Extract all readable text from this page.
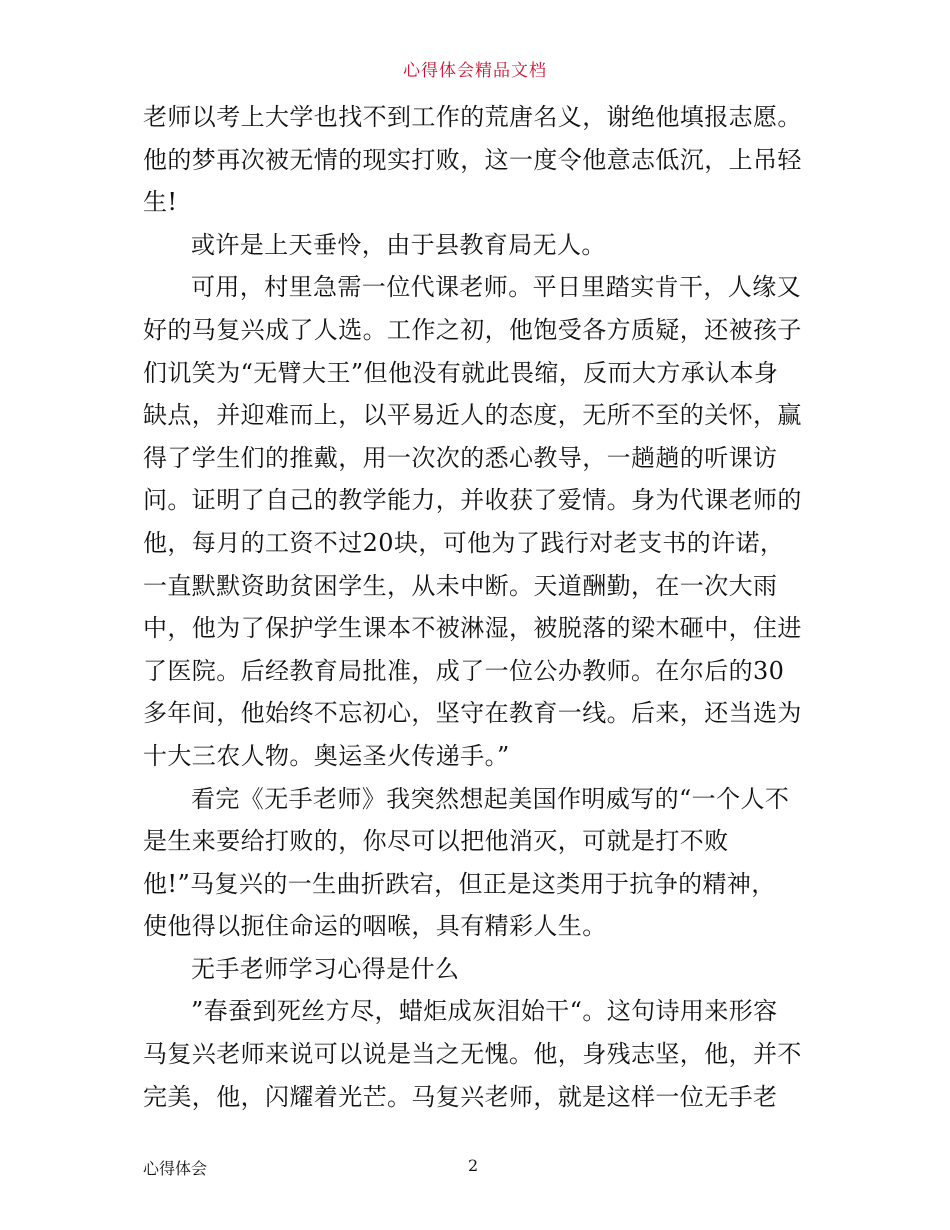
心得体会精品文档
老师以考上大学也找不到工作的荒唐名义，谢绝他填报志愿。
他的梦再次被无情的现实打败，这一度令他意志低沉，上吊轻
生!
或许是上天垂怜，由于县教育局无人。
可用，村里急需一位代课老师。平日里踏实肯干，人缘又
好的马复兴成了人选。工作之初，他饱受各方质疑，还被孩子
们讥笑为“无臂大王”但他没有就此畏缩，反而大方承认本身
缺点，并迎难而上，以平易近人的态度，无所不至的关怀，赢
得了学生们的推戴，用一次次的悉心教导，一趟趟的听课访
问。证明了自己的教学能力，并收获了爱情。身为代课老师的
他，每月的工资不过20块，可他为了践行对老支书的许诺，
一直默默资助贫困学生，从未中断。天道酬勤，在一次大雨
中，他为了保护学生课本不被淋湿，被脱落的梁木砸中，住进
了医院。后经教育局批准，成了一位公办教师。在尔后的30
多年间，他始终不忘初心，坚守在教育一线。后来，还当选为
十大三农人物。奥运圣火传递手。”
看完《无手老师》我突然想起美国作明威写的“一个人不
是生来要给打败的，你尽可以把他消灭，可就是打不败
他!”马复兴的一生曲折跌宕，但正是这类用于抗争的精神，
使他得以扼住命运的咽喉，具有精彩人生。
无手老师学习心得是什么
”春蚕到死丝方尽，蜡炬成灰泪始干“。这句诗用来形容
马复兴老师来说可以说是当之无愧。他，身残志坚，他，并不
完美，他，闪耀着光芒。马复兴老师，就是这样一位无手老
心得体会	2
